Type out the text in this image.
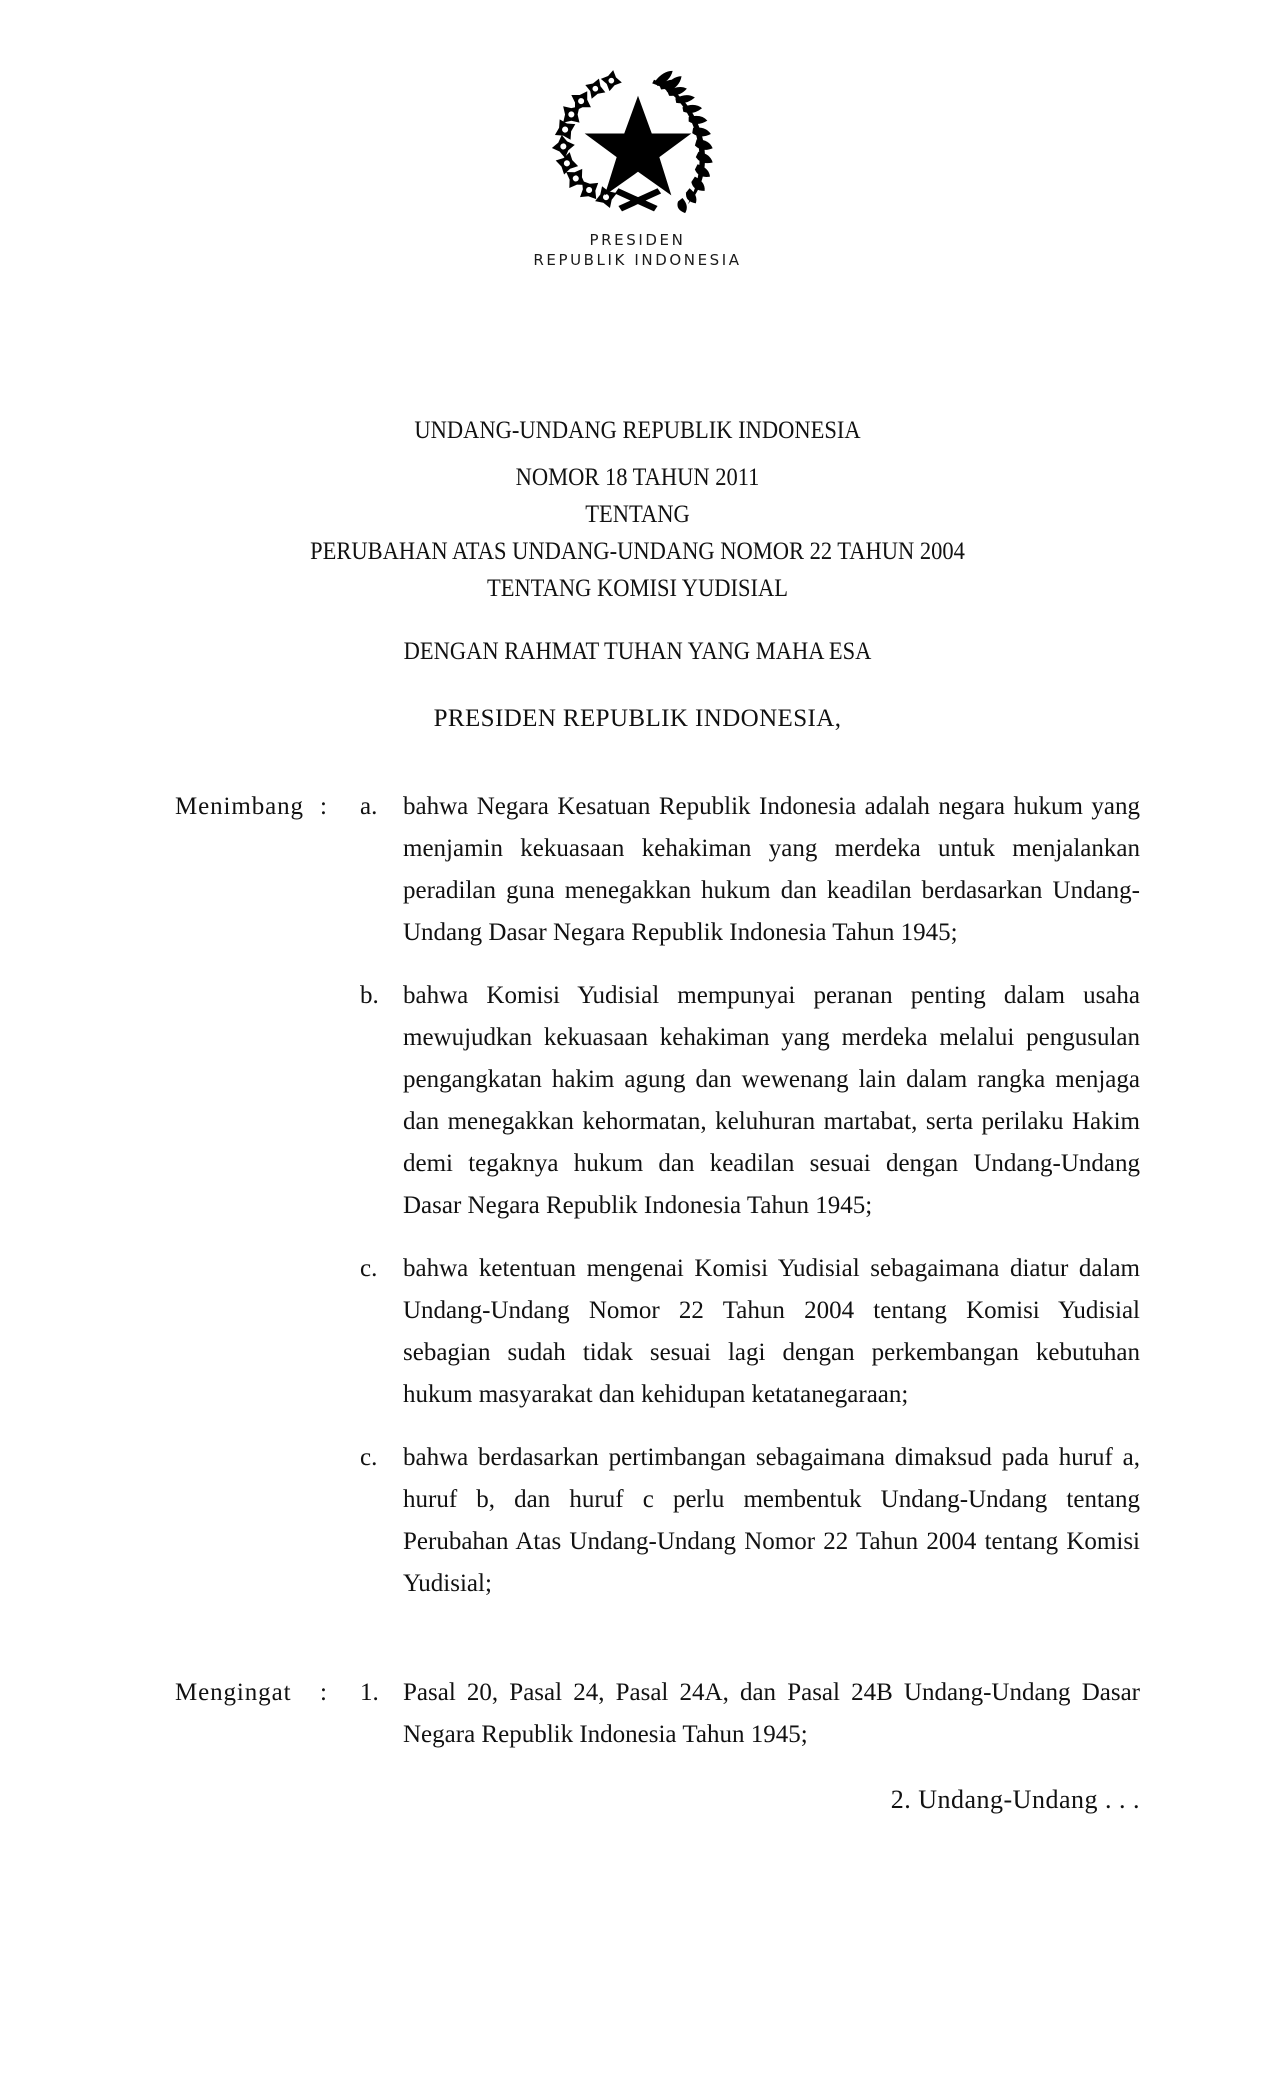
PRESIDEN
REPUBLIK INDONESIA
UNDANG-UNDANG REPUBLIK INDONESIA
NOMOR 18 TAHUN 2011
TENTANG
PERUBAHAN ATAS UNDANG-UNDANG NOMOR 22 TAHUN 2004
TENTANG KOMISI YUDISIAL
DENGAN RAHMAT TUHAN YANG MAHA ESA
PRESIDEN REPUBLIK INDONESIA,
Menimbang :	a.	bahwa Negara Kesatuan Republik Indonesia adalah negara hukum yang menjamin kekuasaan kehakiman yang merdeka untuk menjalankan peradilan guna menegakkan hukum dan keadilan berdasarkan Undang-Undang Dasar Negara Republik Indonesia Tahun 1945;
b. bahwa Komisi Yudisial mempunyai peranan penting dalam usaha mewujudkan kekuasaan kehakiman yang merdeka melalui pengusulan pengangkatan hakim agung dan wewenang lain dalam rangka menjaga dan menegakkan kehormatan, keluhuran martabat, serta perilaku Hakim demi tegaknya hukum dan keadilan sesuai dengan Undang-Undang Dasar Negara Republik Indonesia Tahun 1945;
c.	bahwa ketentuan mengenai Komisi Yudisial sebagaimana diatur dalam Undang-Undang Nomor 22 Tahun 2004 tentang Komisi Yudisial sebagian sudah tidak sesuai lagi dengan perkembangan kebutuhan hukum masyarakat dan kehidupan ketatanegaraan;
c.	bahwa berdasarkan pertimbangan sebagaimana dimaksud pada huruf a, huruf b, dan huruf c perlu membentuk Undang-Undang tentang Perubahan Atas Undang-Undang Nomor 22 Tahun 2004 tentang Komisi Yudisial;
Mengingat	:	1. Pasal 20, Pasal 24, Pasal 24A, dan Pasal 24B Undang-Undang Dasar Negara Republik Indonesia Tahun 1945;
2. Undang-Undang . . .
